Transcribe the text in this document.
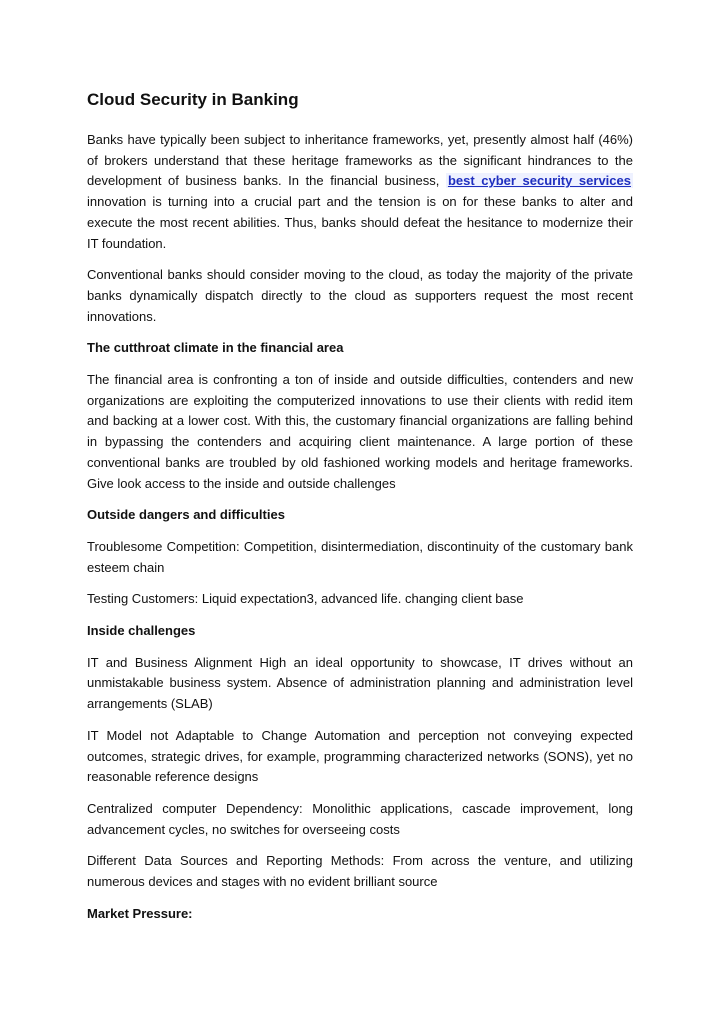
Cloud Security in Banking

Banks have typically been subject to inheritance frameworks, yet, presently almost half (46%) of brokers understand that these heritage frameworks as the significant hindrances to the development of business banks. In the financial business, best cyber security services innovation is turning into a crucial part and the tension is on for these banks to alter and execute the most recent abilities. Thus, banks should defeat the hesitance to modernize their IT foundation.

Conventional banks should consider moving to the cloud, as today the majority of the private banks dynamically dispatch directly to the cloud as supporters request the most recent innovations.

The cutthroat climate in the financial area

The financial area is confronting a ton of inside and outside difficulties, contenders and new organizations are exploiting the computerized innovations to use their clients with redid item and backing at a lower cost. With this, the customary financial organizations are falling behind in bypassing the contenders and acquiring client maintenance. A large portion of these conventional banks are troubled by old fashioned working models and heritage frameworks. Give look access to the inside and outside challenges

Outside dangers and difficulties

Troublesome Competition: Competition, disintermediation, discontinuity of the customary bank esteem chain

Testing Customers: Liquid expectation3, advanced life. changing client base

Inside challenges

IT and Business Alignment High an ideal opportunity to showcase, IT drives without an unmistakable business system. Absence of administration planning and administration level arrangements (SLAB)

IT Model not Adaptable to Change Automation and perception not conveying expected outcomes, strategic drives, for example, programming characterized networks (SONS), yet no reasonable reference designs

Centralized computer Dependency: Monolithic applications, cascade improvement, long advancement cycles, no switches for overseeing costs

Different Data Sources and Reporting Methods: From across the venture, and utilizing numerous devices and stages with no evident brilliant source

Market Pressure:
